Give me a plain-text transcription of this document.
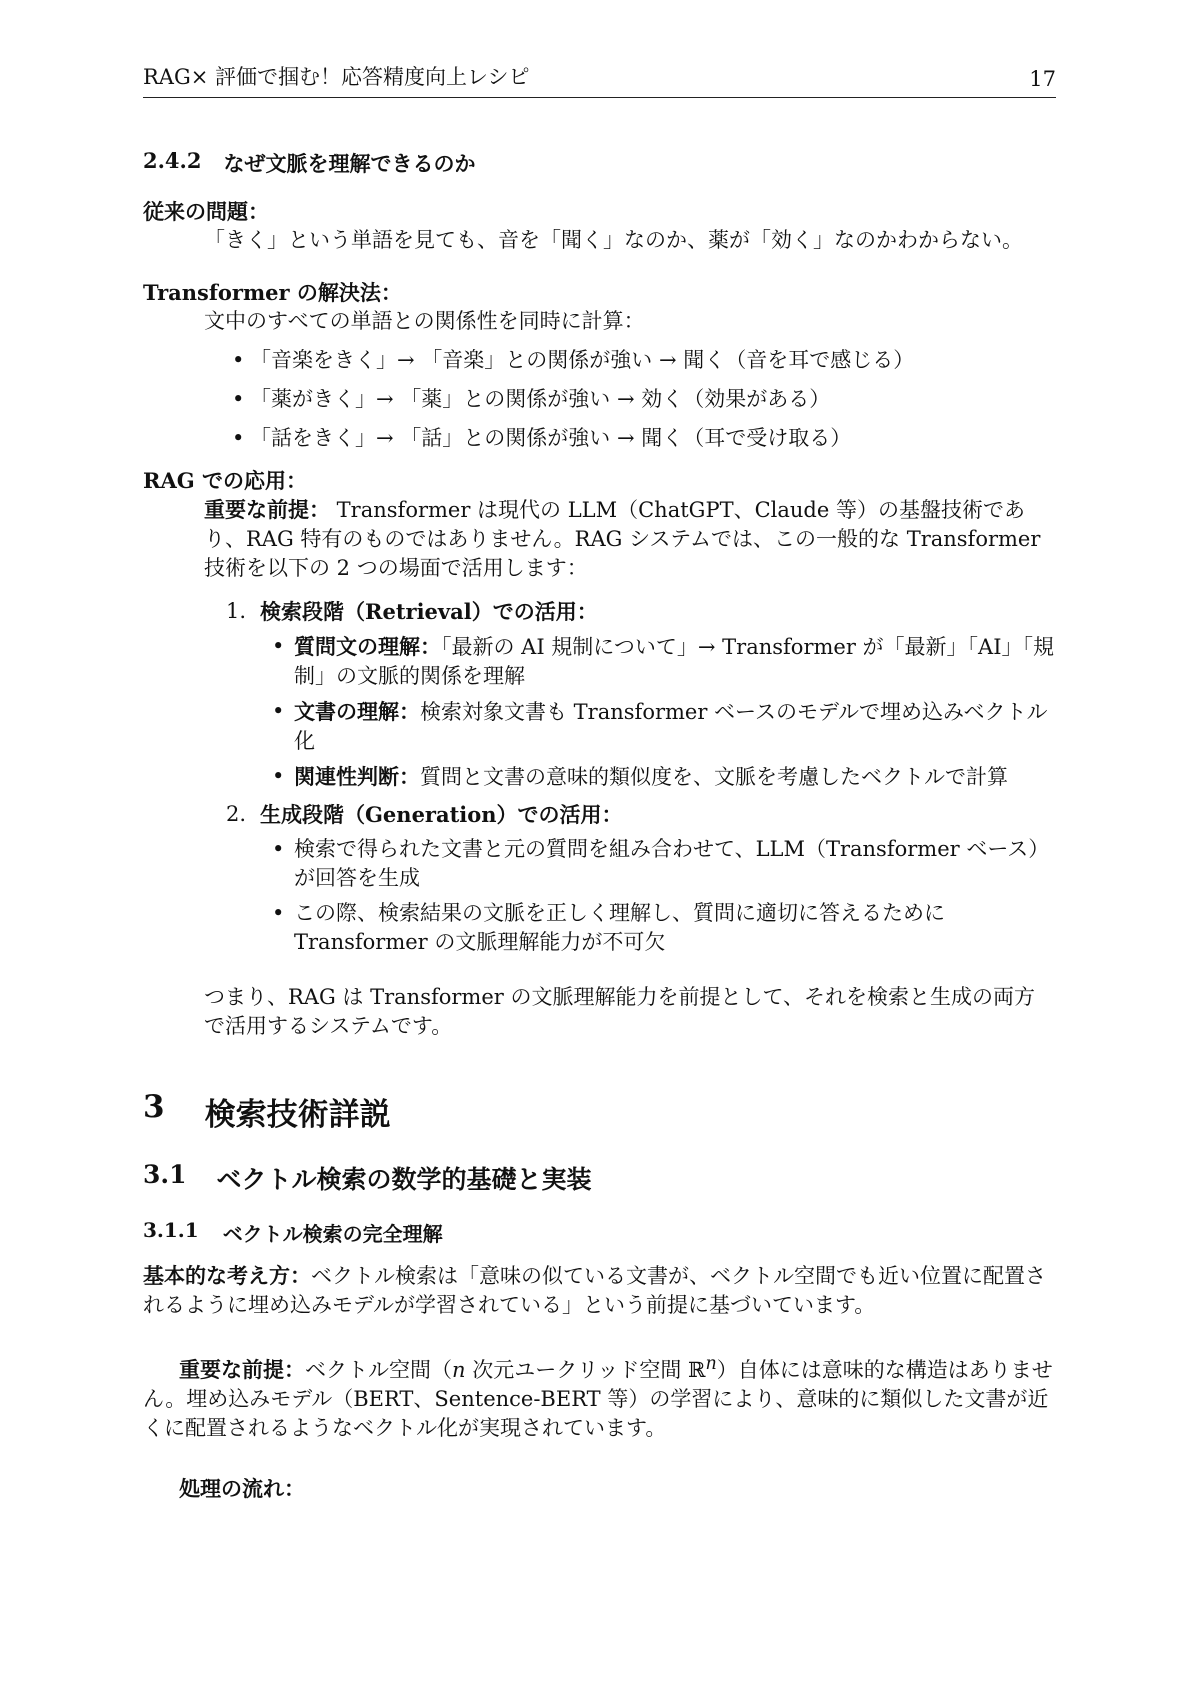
RAG× 評価で掴む！応答精度向上レシピ	17
2.4.2 なぜ文脈を理解できるのか
従来の問題：

「きく」という単語を見ても、音を「聞く」なのか、薬が「効く」なのかわからない。

Transformer の解決法：

文中のすべての単語との関係性を同時に計算：

• 「音楽をきく」→ 「音楽」との関係が強い → 聞く（音を耳で感じる）
• 「薬がきく」→ 「薬」との関係が強い → 効く（効果がある）
• 「話をきく」→ 「話」との関係が強い → 聞く（耳で受け取る）
RAG での応用：

重要な前提： Transformer は現代の LLM（ChatGPT、Claude 等）の基盤技術であり、RAG 特有のものではありません。RAG システムでは、この一般的な Transformer 技術を以下の 2 つの場面で活用します：

1. 検索段階（Retrieval）での活用：
• 質問文の理解：「最新の AI 規制について」→ Transformer が「最新」「AI」「規制」の文脈的関係を理解
• 文書の理解：検索対象文書も Transformer ベースのモデルで埋め込みベクトル化
• 関連性判断：質問と文書の意味的類似度を、文脈を考慮したベクトルで計算
2. 生成段階（Generation）での活用：
• 検索で得られた文書と元の質問を組み合わせて、LLM（Transformer ベース）が回答を生成
• この際、検索結果の文脈を正しく理解し、質問に適切に答えるために Transformer の文脈理解能力が不可欠

つまり、RAG は Transformer の文脈理解能力を前提として、それを検索と生成の両方で活用するシステムです。

3 検索技術詳説
3.1 ベクトル検索の数学的基礎と実装
3.1.1 ベクトル検索の完全理解

基本的な考え方：ベクトル検索は「意味の似ている文書が、ベクトル空間でも近い位置に配置されるように埋め込みモデルが学習されている」という前提に基づいています。

重要な前提：ベクトル空間（n 次元ユークリッド空間 ℝ$^n$）自体には意味的な構造はありません。埋め込みモデル（BERT、Sentence-BERT 等）の学習により、意味的に類似した文書が近くに配置されるようなベクトル化が実現されています。

処理の流れ：
